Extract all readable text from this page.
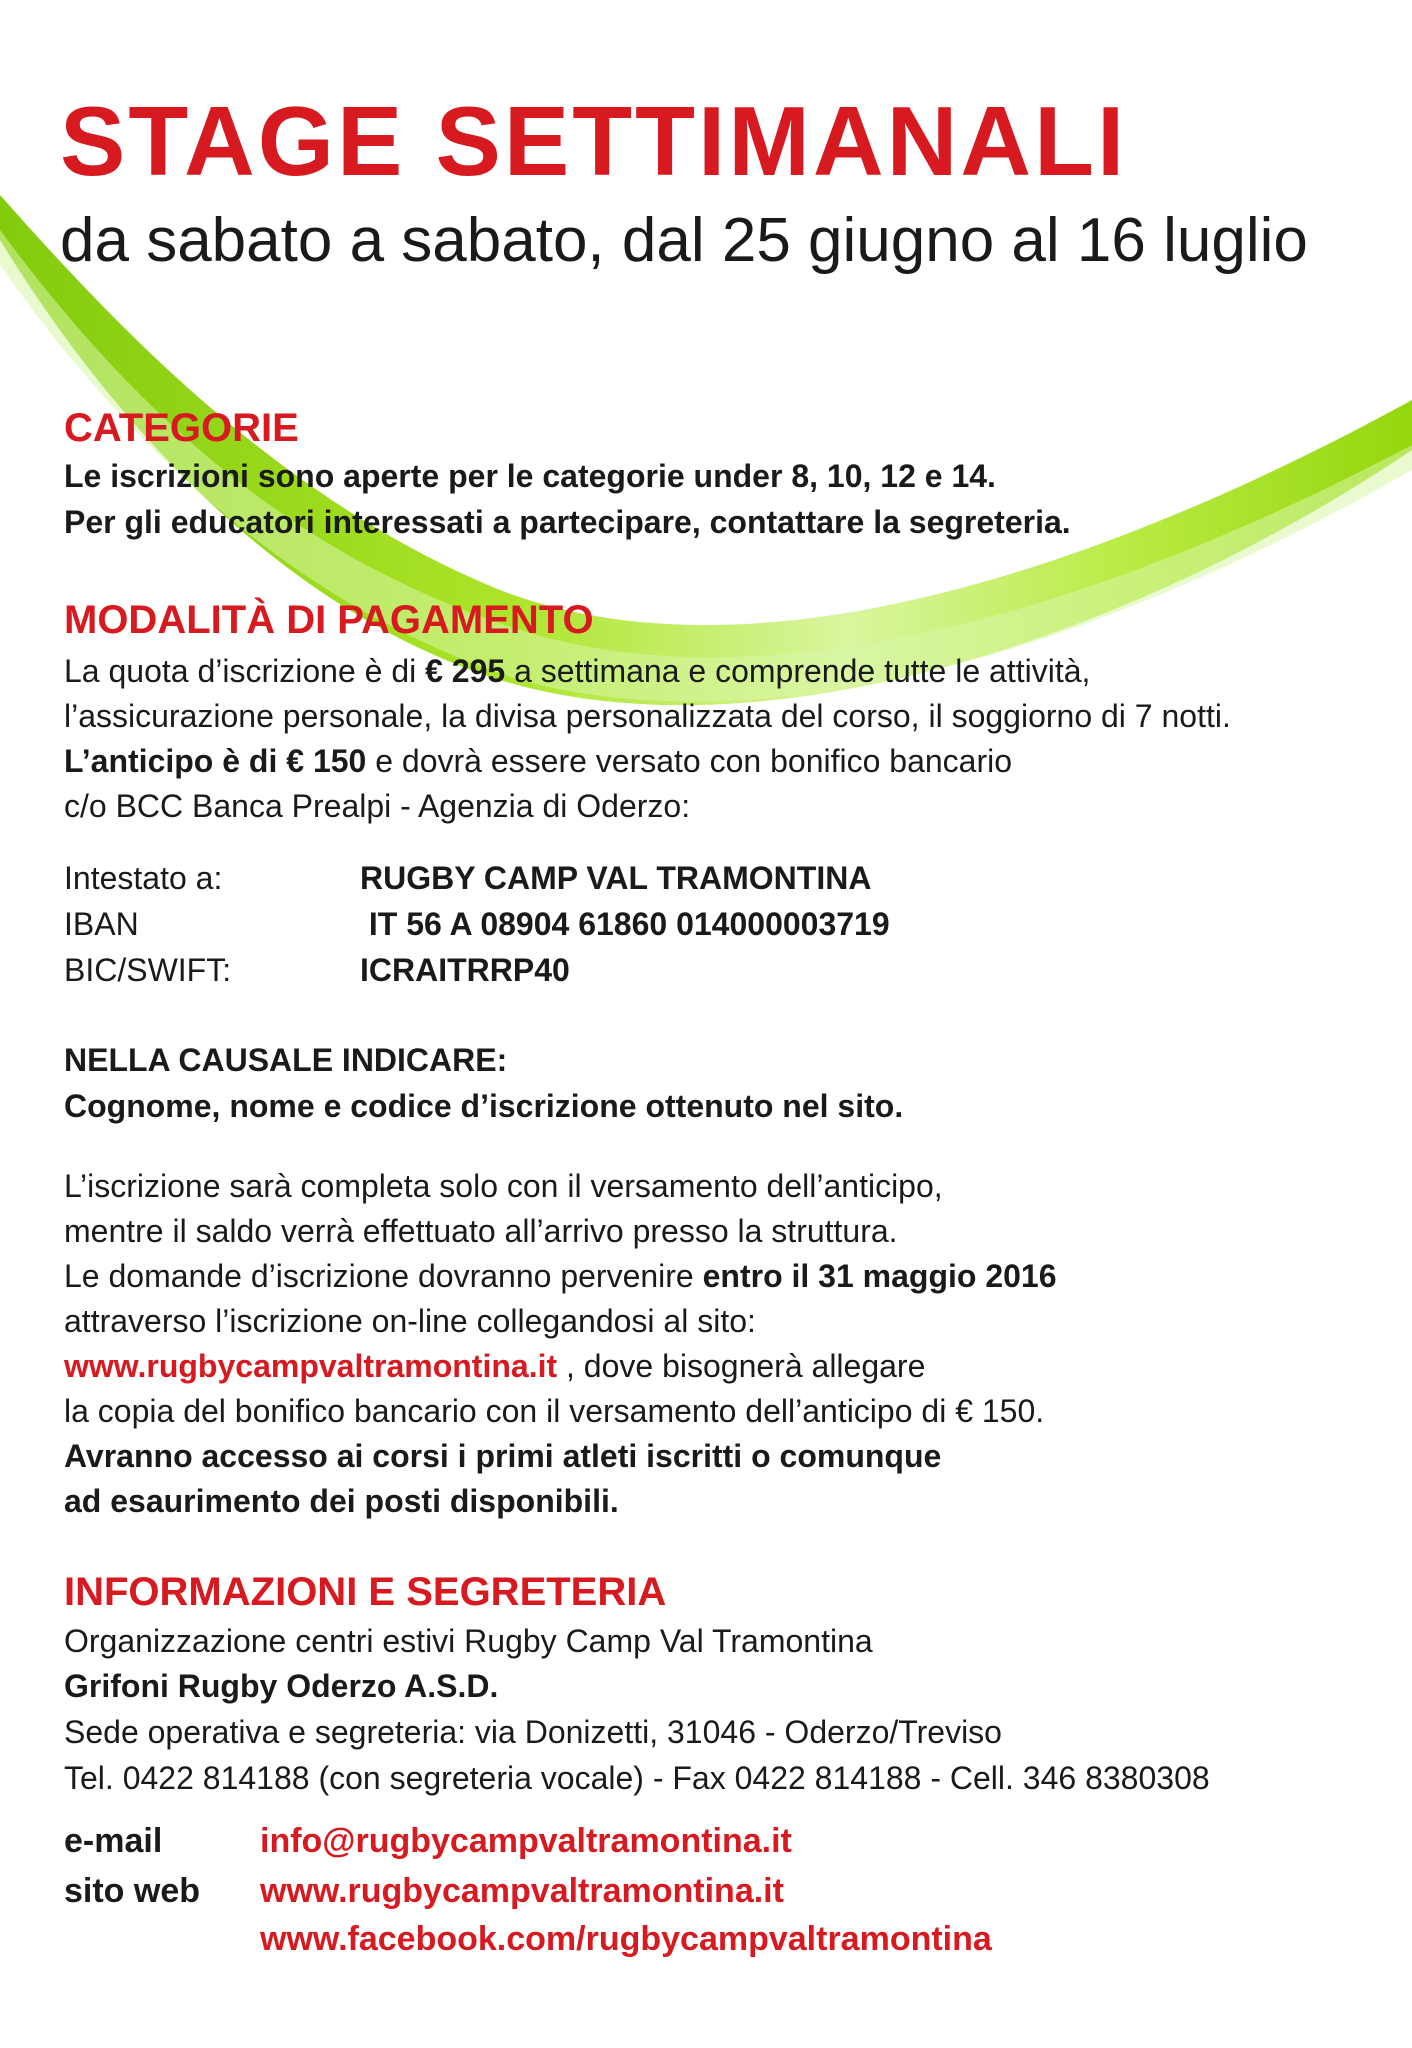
STAGE SETTIMANALI
da sabato a sabato, dal 25 giugno al 16 luglio
CATEGORIE
Le iscrizioni sono aperte per le categorie under 8, 10, 12 e 14.
Per gli educatori interessati a partecipare, contattare la segreteria.
MODALITÀ DI PAGAMENTO
La quota d’iscrizione è di € 295 a settimana e comprende tutte le attività,
l’assicurazione personale, la divisa personalizzata del corso, il soggiorno di 7 notti.
L’anticipo è di € 150 e dovrà essere versato con bonifico bancario
c/o BCC Banca Prealpi - Agenzia di Oderzo:
Intestato a:	RUGBY CAMP VAL TRAMONTINA
IBAN	IT 56 A 08904 61860 014000003719
BIC/SWIFT:	ICRAITRRP40
NELLA CAUSALE INDICARE:
Cognome, nome e codice d’iscrizione ottenuto nel sito.
L’iscrizione sarà completa solo con il versamento dell’anticipo,
mentre il saldo verrà effettuato all’arrivo presso la struttura.
Le domande d’iscrizione dovranno pervenire entro il 31 maggio 2016
attraverso l’iscrizione on-line collegandosi al sito:
www.rugbycampvaltramontina.it , dove bisognerà allegare
la copia del bonifico bancario con il versamento dell’anticipo di € 150.
Avranno accesso ai corsi i primi atleti iscritti o comunque
ad esaurimento dei posti disponibili.
INFORMAZIONI E SEGRETERIA
Organizzazione centri estivi Rugby Camp Val Tramontina
Grifoni Rugby Oderzo A.S.D.
Sede operativa e segreteria: via Donizetti, 31046 - Oderzo/Treviso
Tel. 0422 814188 (con segreteria vocale) - Fax 0422 814188 - Cell. 346 8380308
e-mail	info@rugbycampvaltramontina.it
sito web www.rugbycampvaltramontina.it
www.facebook.com/rugbycampvaltramontina
